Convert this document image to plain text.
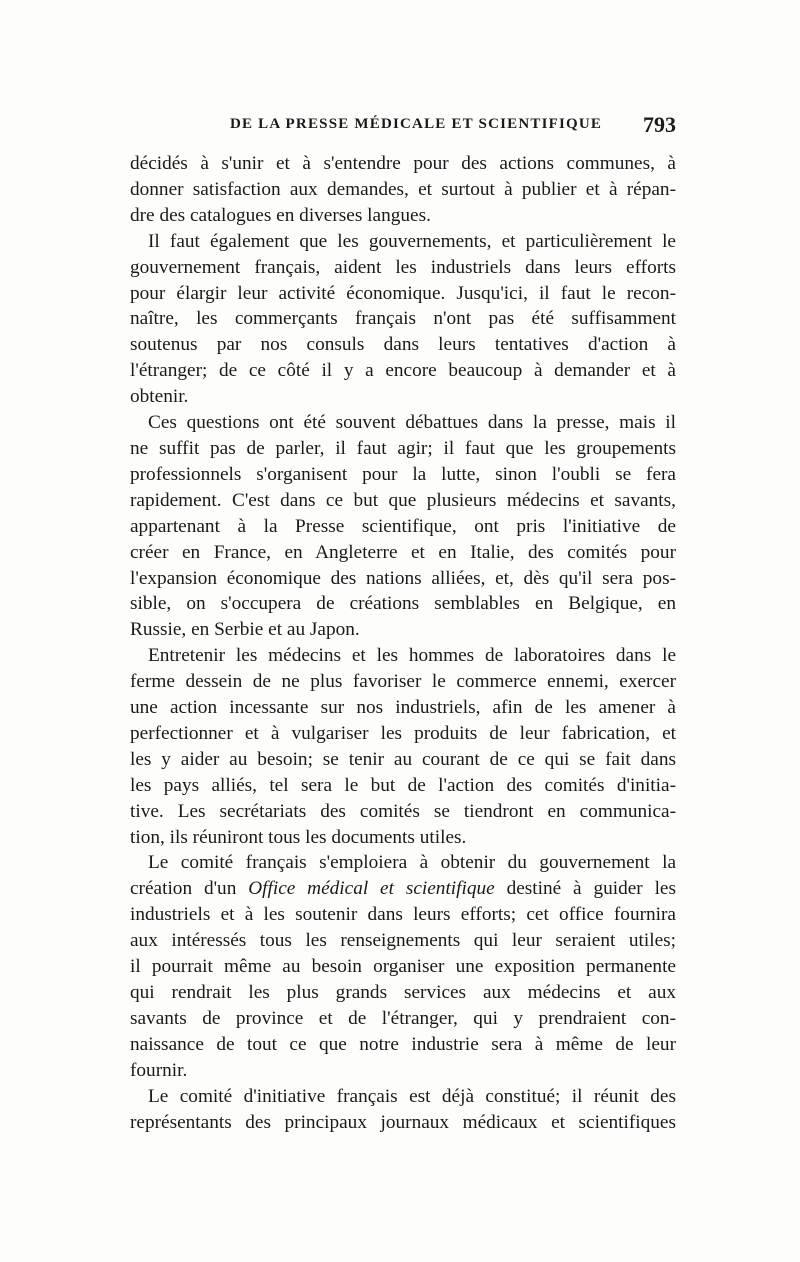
DE LA PRESSE MÉDICALE ET SCIENTIFIQUE 793

décidés à s'unir et à s'entendre pour des actions communes, à

donner satisfaction aux demandes, et surtout à publier et à répan-

dre des catalogues en diverses langues.

Il faut également que les gouvernements, et particulièrement le

gouvernement français, aident les industriels dans leurs efforts

pour élargir leur activité économique. Jusqu'ici, il faut le recon-

naître, les commerçants français n'ont pas été suffisamment

soutenus par nos consuls dans leurs tentatives d'action à

l'étranger; de ce côté il y a encore beaucoup à demander et à

obtenir.

Ces questions ont été souvent débattues dans la presse, mais il

ne suffit pas de parler, il faut agir; il faut que les groupements

professionnels s'organisent pour la lutte, sinon l'oubli se fera

rapidement. C'est dans ce but que plusieurs médecins et savants,

appartenant à la Presse scientifique, ont pris l'initiative de

créer en France, en Angleterre et en Italie, des comités pour

l'expansion économique des nations alliées, et, dès qu'il sera pos-

sible, on s'occupera de créations semblables en Belgique, en

Russie, en Serbie et au Japon.

Entretenir les médecins et les hommes de laboratoires dans le

ferme dessein de ne plus favoriser le commerce ennemi, exercer

une action incessante sur nos industriels, afin de les amener à

perfectionner et à vulgariser les produits de leur fabrication, et

les y aider au besoin; se tenir au courant de ce qui se fait dans

les pays alliés, tel sera le but de l'action des comités d'initia-

tive. Les secrétariats des comités se tiendront en communica-

tion, ils réuniront tous les documents utiles.

Le comité français s'emploiera à obtenir du gouvernement la

création d'un Office médical et scientifique destiné à guider les

industriels et à les soutenir dans leurs efforts; cet office fournira

aux intéressés tous les renseignements qui leur seraient utiles;

il pourrait même au besoin organiser une exposition permanente

qui rendrait les plus grands services aux médecins et aux

savants de province et de l'étranger, qui y prendraient con-

naissance de tout ce que notre industrie sera à même de leur

fournir.

Le comité d'initiative français est déjà constitué; il réunit des

représentants des principaux journaux médicaux et scientifiques
